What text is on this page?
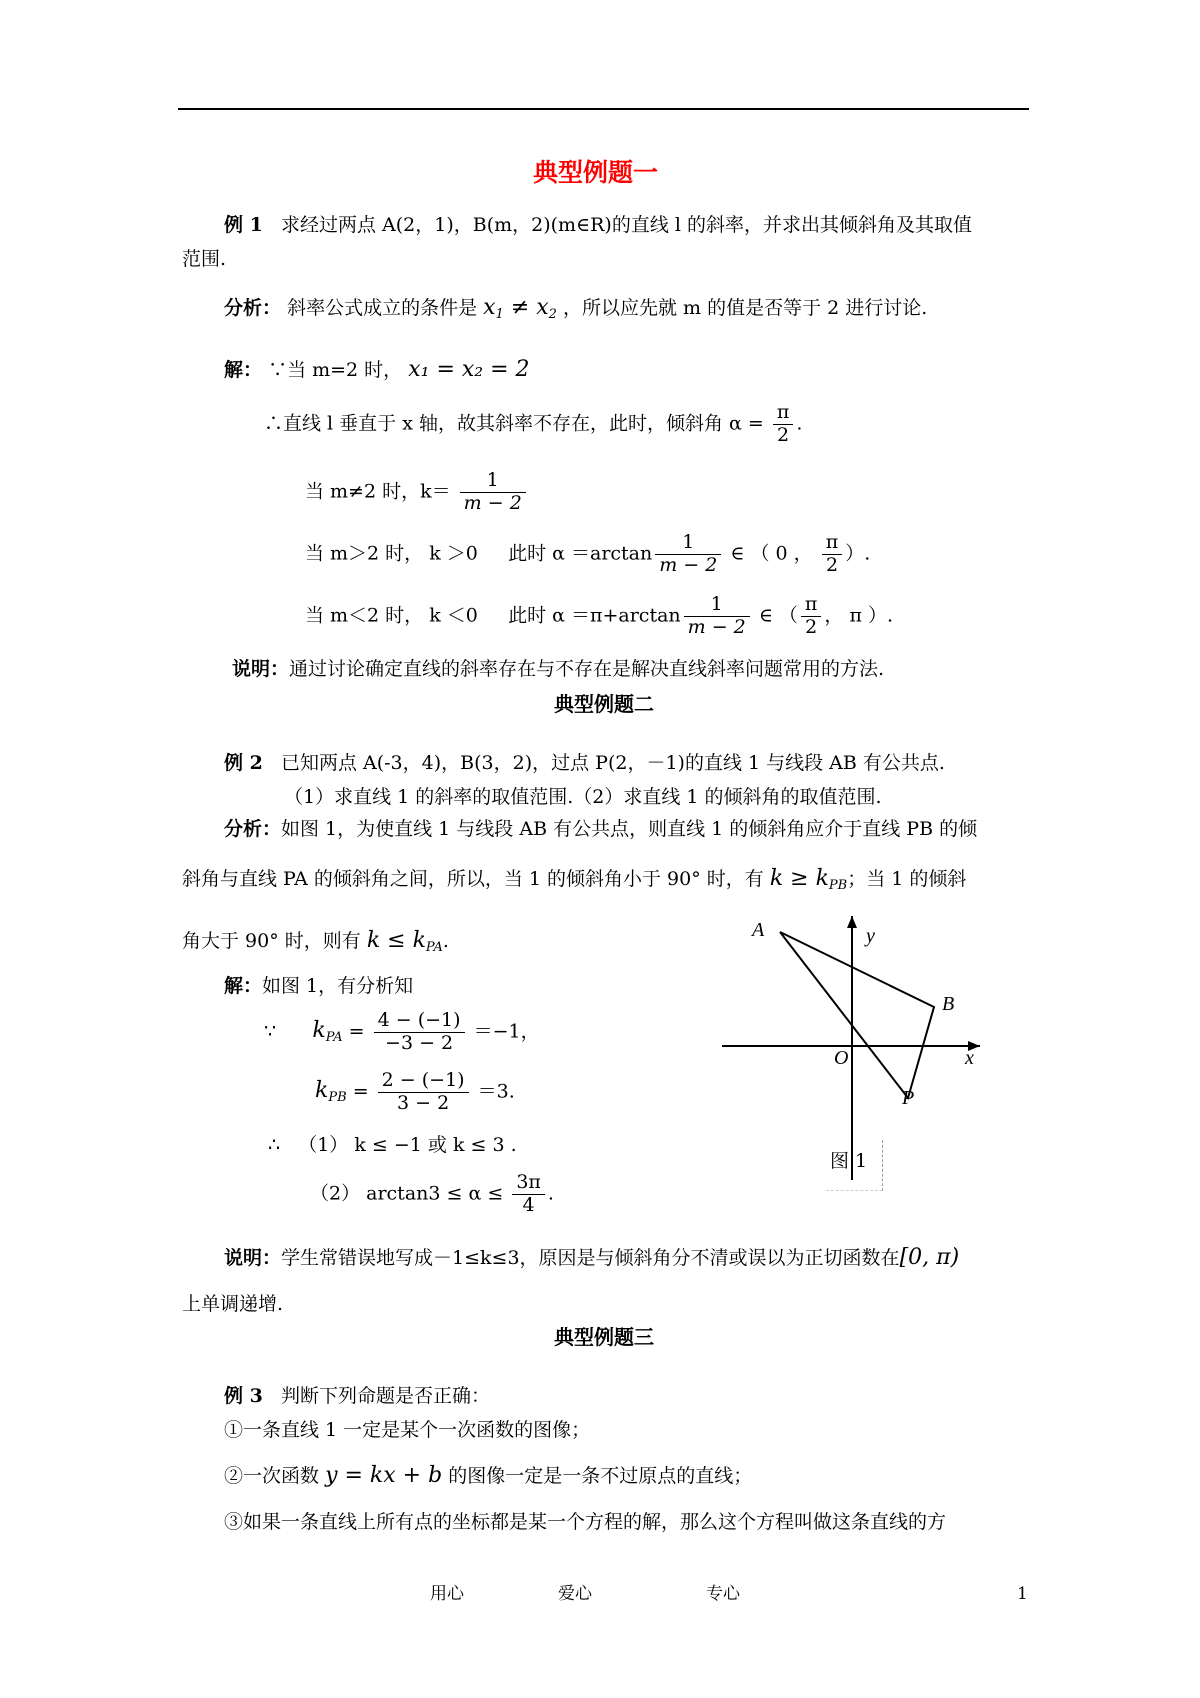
典型例题一
例 1 求经过两点 A(2，1)，B(m，2)(m∈R)的直线 l 的斜率，并求出其倾斜角及其取值
范围.
分析： 斜率公式成立的条件是 $x_1 \ne x_2$ ，所以应先就 m 的值是否等于 2 进行讨论.
解： ∵当 m=2 时， x₁ = x₂ = 2
∴直线 l 垂直于 x 轴，故其斜率不存在，此时，倾斜角 $\alpha = \frac{\pi}{2}$ .
当 m≠2 时，$k= \frac{1}{m - 2}$
当 m＞2 时， k ＞0 此时 $\alpha =\arctan \frac{1}{m - 2}$ ∈ （ 0 ， $\frac{\pi}{2}$ ）.
当 m＜2 时， k ＜0 此时 $\alpha =\pi+\arctan \frac{1}{m - 2}$ ∈ （ $\frac{\pi}{2}$ ， π ）.
说明：通过讨论确定直线的斜率存在与不存在是解决直线斜率问题常用的方法.
典型例题二
例 2 已知两点 A(-3，4)，B(3，2)，过点 P(2，－1)的直线 1 与线段 AB 有公共点.
（1）求直线 1 的斜率的取值范围.（2）求直线 1 的倾斜角的取值范围.
分析：如图 1，为使直线 1 与线段 AB 有公共点，则直线 1 的倾斜角应介于直线 PB 的倾
斜角与直线 PA 的倾斜角之间，所以，当 1 的倾斜角小于 90° 时，有 $k \ge k_{PB}$；当 1 的倾斜
角大于 90° 时，则有 $k \le k_{PA}$.
解：如图 1，有分析知
∵ $k_{PA} = \frac{4 - (-1)}{-3 - 2} =-1$，
$k_{PB} = \frac{2 - (-1)}{3 - 2} =3$.
∴ （1） k ≤ −1 或 k ≤ 3 .
（2） $\arctan 3 \le \alpha \le \frac{3\pi}{4}$ .
说明：学生常错误地写成－1≤k≤3，原因是与倾斜角分不清或误以为正切函数在[0, π)
上单调递增.
A
B
O
P
x
y
图 1
典型例题三
例 3 判断下列命题是否正确：
①一条直线 1 一定是某个一次函数的图像；
②一次函数 y = kx + b 的图像一定是一条不过原点的直线；
③如果一条直线上所有点的坐标都是某一个方程的解，那么这个方程叫做这条直线的方
用心	爱心	专心	1
